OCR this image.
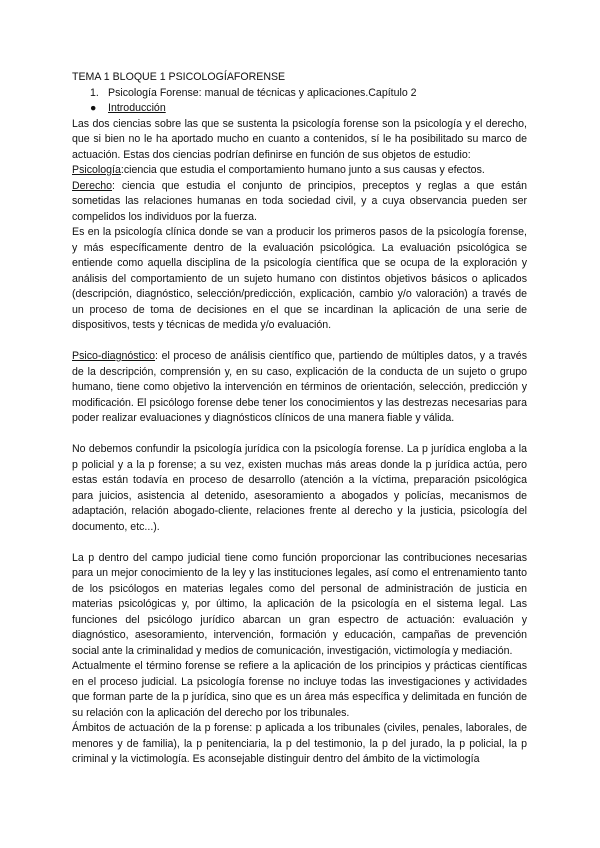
TEMA 1 BLOQUE 1 PSICOLOGÍAFORENSE
1. Psicología Forense: manual de técnicas y aplicaciones.Capítulo 2
● Introducción

Las dos ciencias sobre las que se sustenta la psicología forense son la psicología y el derecho, que si bien no le ha aportado mucho en cuanto a contenidos, sí le ha posibilitado su marco de actuación. Estas dos ciencias podrían definirse en función de sus objetos de estudio:

Psicología:ciencia que estudia el comportamiento humano junto a sus causas y efectos.

Derecho: ciencia que estudia el conjunto de principios, preceptos y reglas a que están sometidas las relaciones humanas en toda sociedad civil, y a cuya observancia pueden ser compelidos los individuos por la fuerza.

Es en la psicología clínica donde se van a producir los primeros pasos de la psicología forense, y más específicamente dentro de la evaluación psicológica. La evaluación psicológica se entiende como aquella disciplina de la psicología científica que se ocupa de la exploración y análisis del comportamiento de un sujeto humano con distintos objetivos básicos o aplicados (descripción, diagnóstico, selección/predicción, explicación, cambio y/o valoración) a través de un proceso de toma de decisiones en el que se incardinan la aplicación de una serie de dispositivos, tests y técnicas de medida y/o evaluación.

Psico-diagnóstico: el proceso de análisis científico que, partiendo de múltiples datos, y a través de la descripción, comprensión y, en su caso, explicación de la conducta de un sujeto o grupo humano, tiene como objetivo la intervención en términos de orientación, selección, predicción y modificación. El psicólogo forense debe tener los conocimientos y las destrezas necesarias para poder realizar evaluaciones y diagnósticos clínicos de una manera fiable y válida.

No debemos confundir la psicología jurídica con la psicología forense. La p jurídica engloba a la p policial y a la p forense; a su vez, existen muchas más areas donde la p jurídica actúa, pero estas están todavía en proceso de desarrollo (atención a la víctima, preparación psicológica para juicios, asistencia al detenido, asesoramiento a abogados y policías, mecanismos de adaptación, relación abogado-cliente, relaciones frente al derecho y la justicia, psicología del documento, etc...).

La p dentro del campo judicial tiene como función proporcionar las contribuciones necesarias para un mejor conocimiento de la ley y las instituciones legales, así como el entrenamiento tanto de los psicólogos en materias legales como del personal de administración de justicia en materias psicológicas y, por último, la aplicación de la psicología en el sistema legal. Las funciones del psicólogo jurídico abarcan un gran espectro de actuación: evaluación y diagnóstico, asesoramiento, intervención, formación y educación, campañas de prevención social ante la criminalidad y medios de comunicación, investigación, victimología y mediación.

Actualmente el término forense se refiere a la aplicación de los principios y prácticas científicas en el proceso judicial. La psicología forense no incluye todas las investigaciones y actividades que forman parte de la p jurídica, sino que es un área más específica y delimitada en función de su relación con la aplicación del derecho por los tribunales.

Ámbitos de actuación de la p forense: p aplicada a los tribunales (civiles, penales, laborales, de menores y de familia), la p penitenciaria, la p del testimonio, la p del jurado, la p policial, la p criminal y la victimología. Es aconsejable distinguir dentro del ámbito de la victimología
